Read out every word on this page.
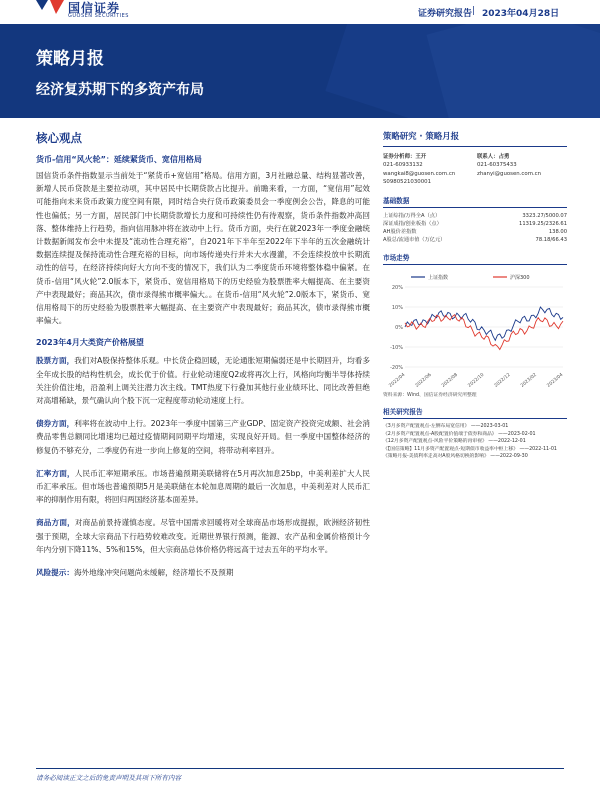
国信证券
GUOSEN SECURITIES	证券研究报告 | 2023年04月28日
策略月报
经济复苏期下的多资产布局
核心观点
货币-信用“风火轮”：延续紧货币、宽信用格局

国信货币条件指数显示当前处于“紧货币+宽信用”格局。信用方面，3月社融总量、结构显著改善，新增人民币贷款是主要拉动项，其中居民中长期贷款占比提升。前瞻来看，一方面，“宽信用”起效可能指向未来货币政策力度空间有限，同时结合央行货币政策委员会一季度例会公告，降息的可能性也偏低；另一方面，居民部门中长期贷款增长力度和可持续性仍有待观察，货币条件指数冲高回落、整体维持上行趋势，指向信用脉冲将在波动中上行。货币方面，央行在就2023年一季度金融统计数据新闻发布会中未提及“流动性合理充裕”，自2021年下半年至2022年下半年的五次金融统计数据连续提及保持流动性合理充裕的目标，向市场传递央行并未大水漫灌，不会连续投放中长期流动性的信号，在经济持续向好大方向不变的情况下，我们认为二季度货币环境将整体稳中偏紧。在货币-信用“风火轮”2.0版本下，紧货币、宽信用格局下的历史经验为股票胜率大幅提高、在主要资产中表现最好；商品其次，债市录得熊市概率偏大。。在货币-信用“风火轮”2.0版本下，紧货币、宽信用格局下的历史经验为股票胜率大幅提高、在主要资产中表现最好；商品其次，债市录得熊市概率偏大。

2023年4月大类资产价格展望

股票方面，我们对A股保持整体乐观。中长货企稳回暖，无论通胀短期偏弱还是中长期回升，均看多全年成长股的结构性机会，成长优于价值。行业轮动速度Q2或将再次上行，风格向均衡半导体持续关注价值注地，沿盈利上调关注潜力次主线。TMT热度下行叠加其他行业业绩环比、同比改善但绝对高增稀缺，景气确认向个股下沉一定程度带动轮动速度上行。

债券方面，利率将在波动中上行。2023年一季度中国第三产业GDP、固定资产投资完成额、社会消费品零售总额同比增速均已超过疫情期间同期平均增速，实现良好开局。但一季度中国整体经济的修复仍不够充分，二季度仍有进一步向上修复的空间，将带动利率回升。

汇率方面，人民币汇率短期承压。市场普遍预期美联储将在5月再次加息25bp，中美利差扩大人民币汇率承压。但市场也普遍预期5月是美联储在本轮加息周期的最后一次加息，中美利差对人民币汇率的抑制作用有限，将回归两国经济基本面差异。

商品方面，对商品前景持谨慎态度。尽管中国需求回暖将对全球商品市场形成提振，欧洲经济韧性强于预期，全球大宗商品下行趋势较难改变。近期世界银行预测，能源、农产品和金属价格预计今年内分别下降11%、5%和15%，但大宗商品总体价格仍将远高于过去五年的平均水平。

风险提示：海外地缘冲突问题尚未缓解，经济增长不及预期

策略研究 · 策略月报
证券分析师：王开
021-60933132
wangkai8@guosen.com.cn
S0980521030001
联系人：占勇
021-60375433
zhanyi@guosen.com.cn
基础数据
上证综指/万得全A（点）	3323.27/5000.07
深证成指/创业板指（点）	11319.25/2326.61
AH股价差指数	138.00
A股总/流通市值（万亿元）	78.18/66.43
市场走势
20%
10%
0%
-10%
-20%
2022/04 2022/06 2022/08 2022/10 2022/12 2023/02 2023/04
上证指数	沪深300
资料来源：Wind、国信证券经济研究所整理
相关研究报告
《3月多资产配置观点-左侧布局宽信用》 ——2023-03-01
《2月多资产配置观点-A股配置价值端于债券和商品》 ——2023-02-01
《12月多资产配置观点-风险平价策略的再审视》 ——2022-12-01
《【国信策略】11月多资产配置观点-短期债市收益率中枢上移》 ——2022-11-01
《策略月报-美债利率走高对A股风格切换的影响》 ——2022-09-30
请务必阅读正文之后的免责声明及其项下所有内容
